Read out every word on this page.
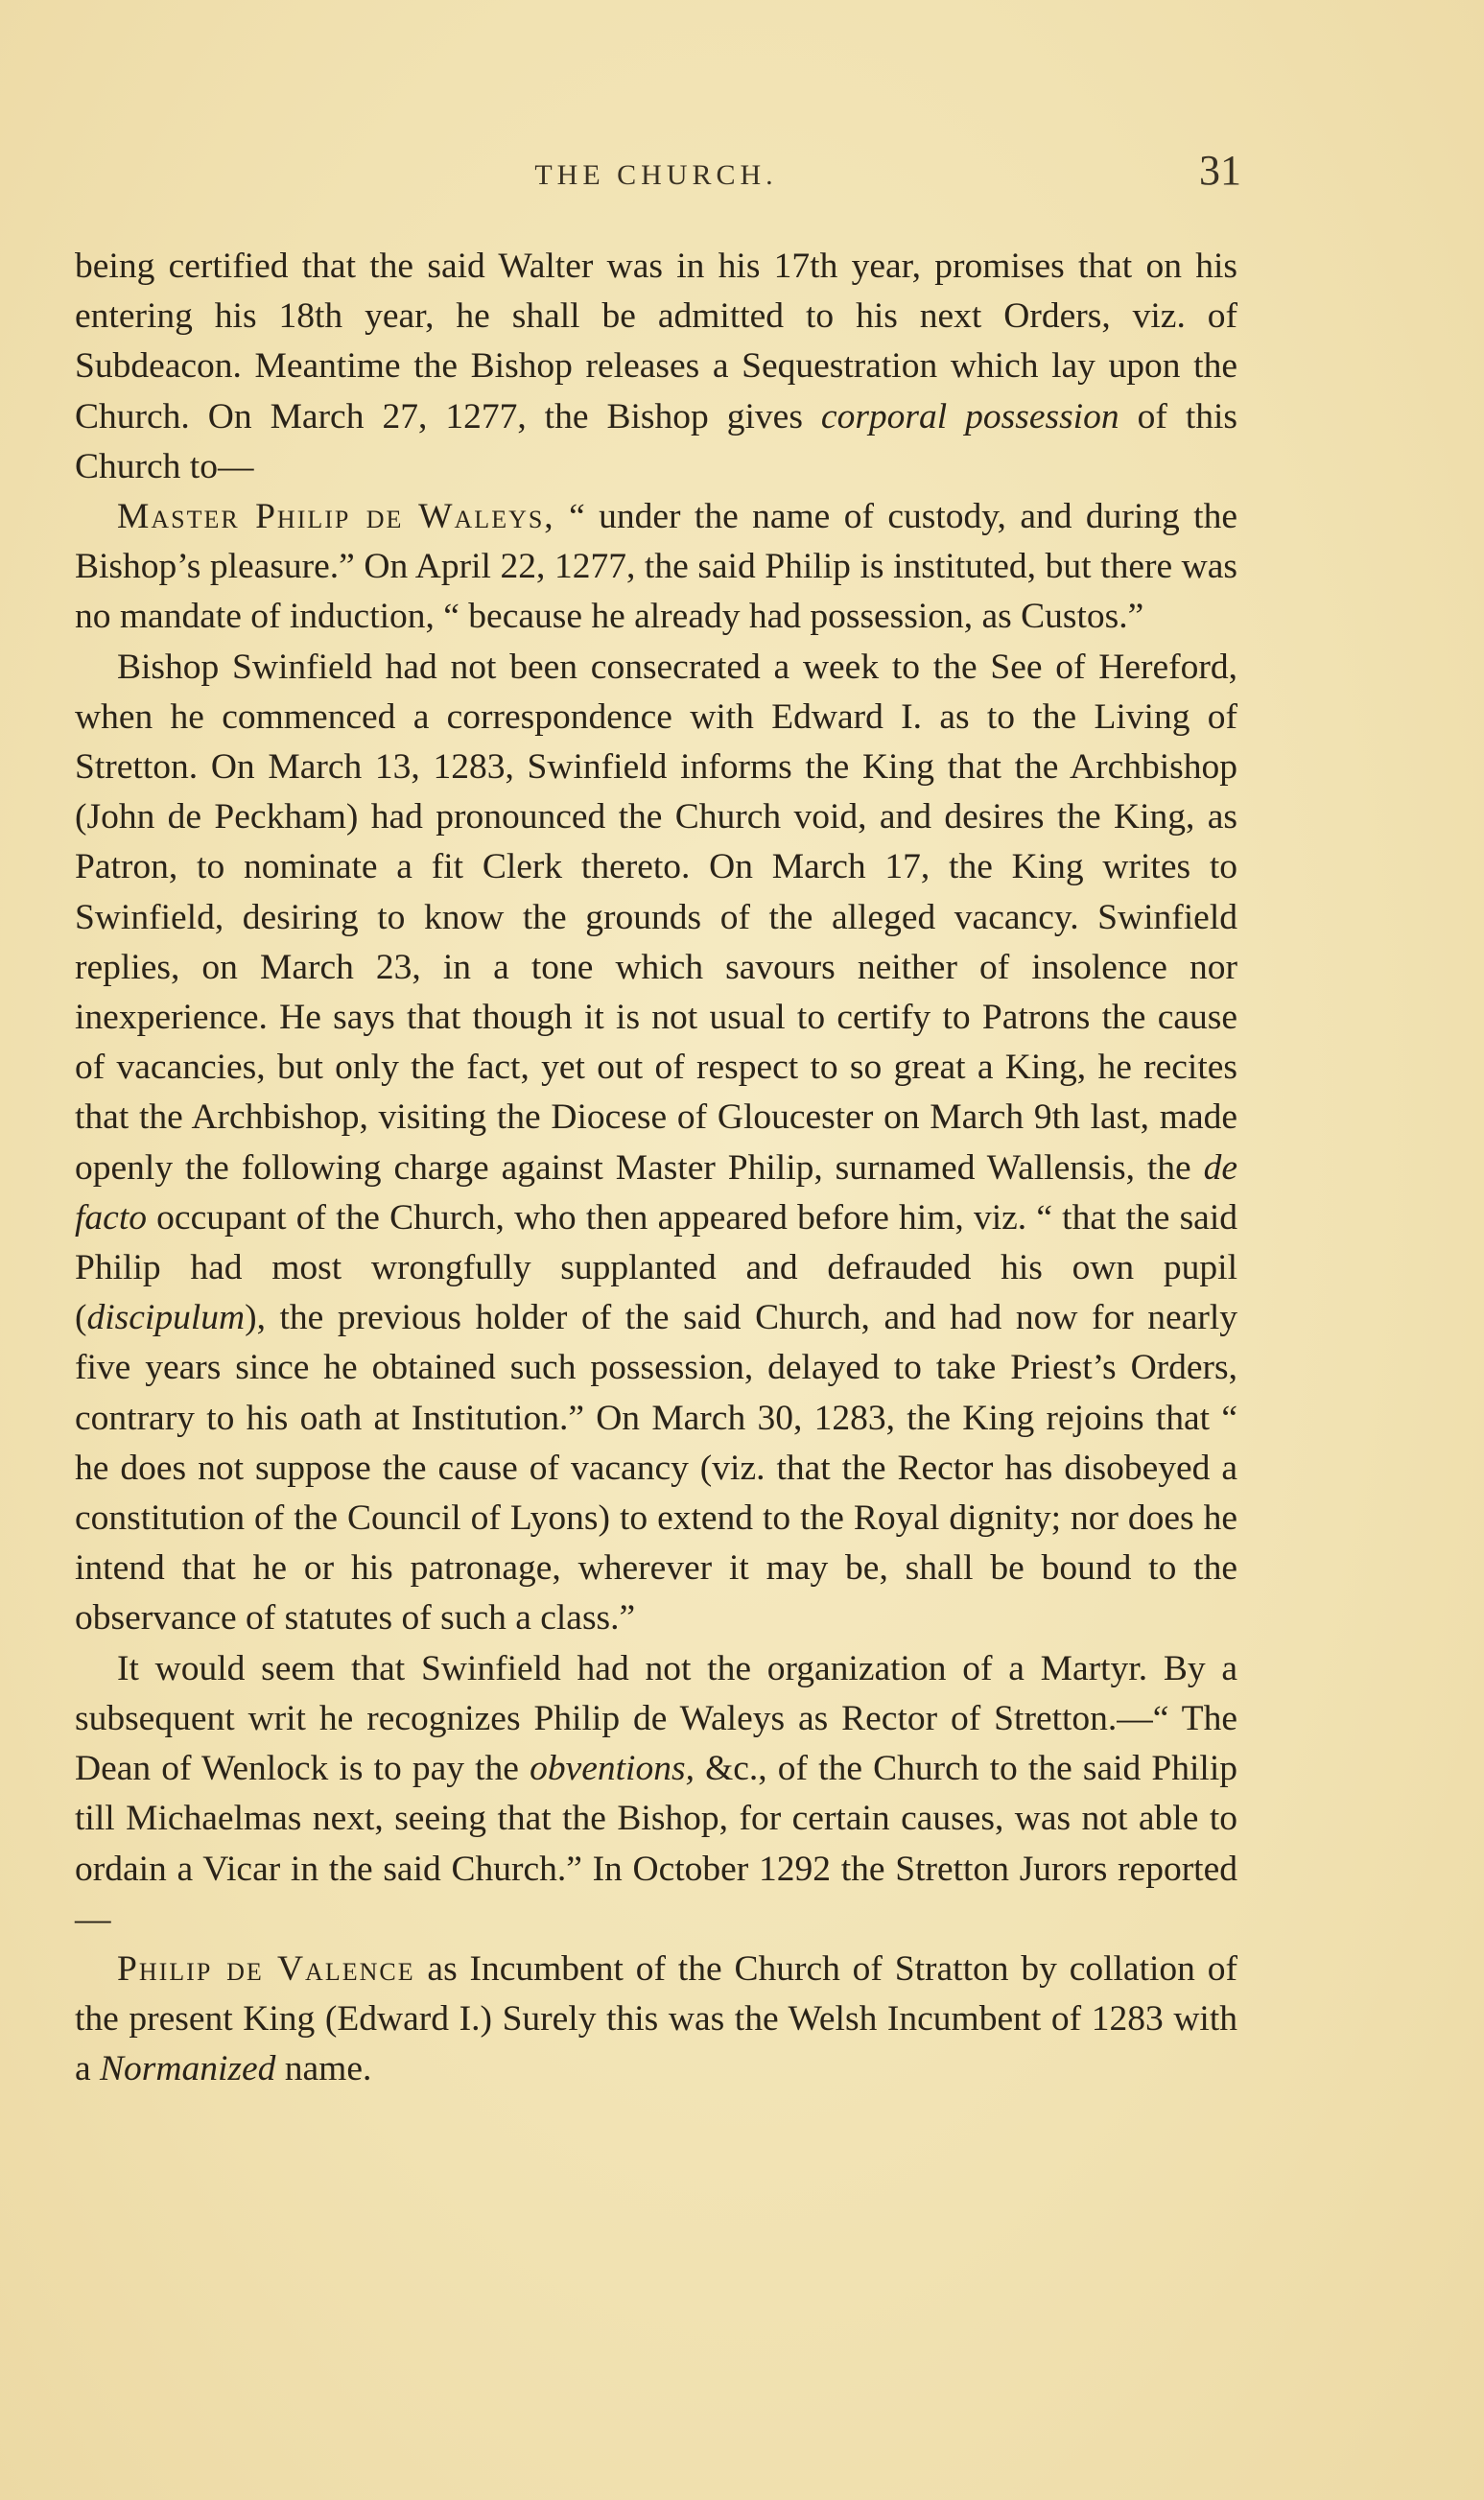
THE CHURCH.	31

being certified that the said Walter was in his 17th year, promises that on his entering his 18th year, he shall be admitted to his next Orders, viz. of Subdeacon. Meantime the Bishop releases a Sequestration which lay upon the Church. On March 27, 1277, the Bishop gives corporal possession of this Church to—

Master Philip de Waleys, “ under the name of custody, and during the Bishop’s pleasure.” On April 22, 1277, the said Philip is instituted, but there was no mandate of induction, “ because he already had possession, as Custos.”

Bishop Swinfield had not been consecrated a week to the See of Hereford, when he commenced a correspondence with Edward I. as to the Living of Stretton. On March 13, 1283, Swinfield informs the King that the Archbishop (John de Peckham) had pronounced the Church void, and desires the King, as Patron, to nominate a fit Clerk thereto. On March 17, the King writes to Swinfield, desiring to know the grounds of the alleged vacancy. Swinfield replies, on March 23, in a tone which savours neither of insolence nor inexperience. He says that though it is not usual to certify to Patrons the cause of vacancies, but only the fact, yet out of respect to so great a King, he recites that the Archbishop, visiting the Diocese of Gloucester on March 9th last, made openly the following charge against Master Philip, surnamed Wallensis, the de facto occupant of the Church, who then appeared before him, viz. “ that the said Philip had most wrongfully supplanted and defrauded his own pupil (discipulum), the previous holder of the said Church, and had now for nearly five years since he obtained such possession, delayed to take Priest’s Orders, contrary to his oath at Institution.” On March 30, 1283, the King rejoins that “ he does not suppose the cause of vacancy (viz. that the Rector has disobeyed a constitution of the Council of Lyons) to extend to the Royal dignity; nor does he intend that he or his patronage, wherever it may be, shall be bound to the observance of statutes of such a class.”

It would seem that Swinfield had not the organization of a Martyr. By a subsequent writ he recognizes Philip de Waleys as Rector of Stretton.—“ The Dean of Wenlock is to pay the obventions, &c., of the Church to the said Philip till Michaelmas next, seeing that the Bishop, for certain causes, was not able to ordain a Vicar in the said Church.” In October 1292 the Stretton Jurors reported—

Philip de Valence as Incumbent of the Church of Stratton by collation of the present King (Edward I.) Surely this was the Welsh Incumbent of 1283 with a Normanized name.
